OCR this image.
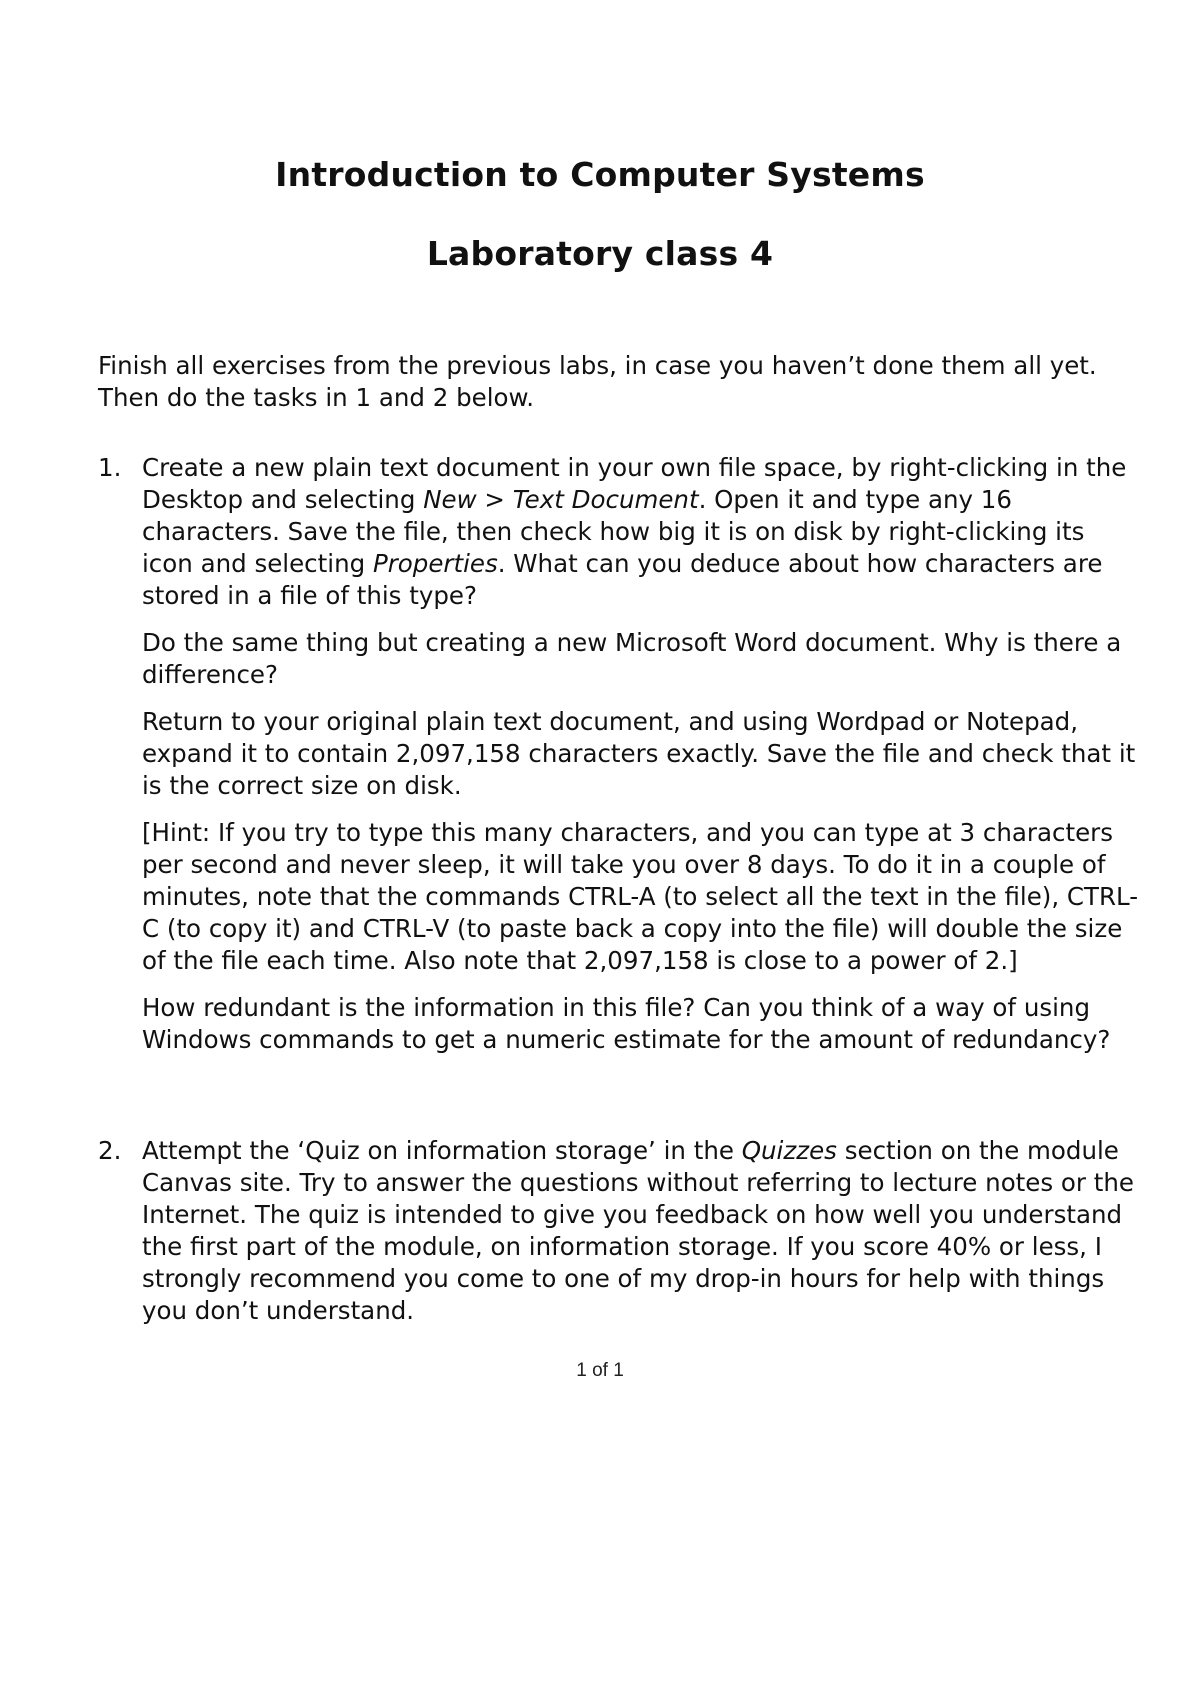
Introduction to Computer Systems
Laboratory class 4
Finish all exercises from the previous labs, in case you haven’t done them all yet. Then do the tasks in 1 and 2 below.
1. Create a new plain text document in your own file space, by right-clicking in the Desktop and selecting New > Text Document. Open it and type any 16 characters. Save the file, then check how big it is on disk by right-clicking its icon and selecting Properties. What can you deduce about how characters are stored in a file of this type?

Do the same thing but creating a new Microsoft Word document. Why is there a difference?

Return to your original plain text document, and using Wordpad or Notepad, expand it to contain 2,097,158 characters exactly. Save the file and check that it is the correct size on disk.

[Hint: If you try to type this many characters, and you can type at 3 characters per second and never sleep, it will take you over 8 days. To do it in a couple of minutes, note that the commands CTRL-A (to select all the text in the file), CTRL-C (to copy it) and CTRL-V (to paste back a copy into the file) will double the size of the file each time. Also note that 2,097,158 is close to a power of 2.]

How redundant is the information in this file? Can you think of a way of using Windows commands to get a numeric estimate for the amount of redundancy?

2. Attempt the ‘Quiz on information storage’ in the Quizzes section on the module Canvas site. Try to answer the questions without referring to lecture notes or the Internet. The quiz is intended to give you feedback on how well you understand the first part of the module, on information storage. If you score 40% or less, I strongly recommend you come to one of my drop-in hours for help with things you don’t understand.

1 of 1
